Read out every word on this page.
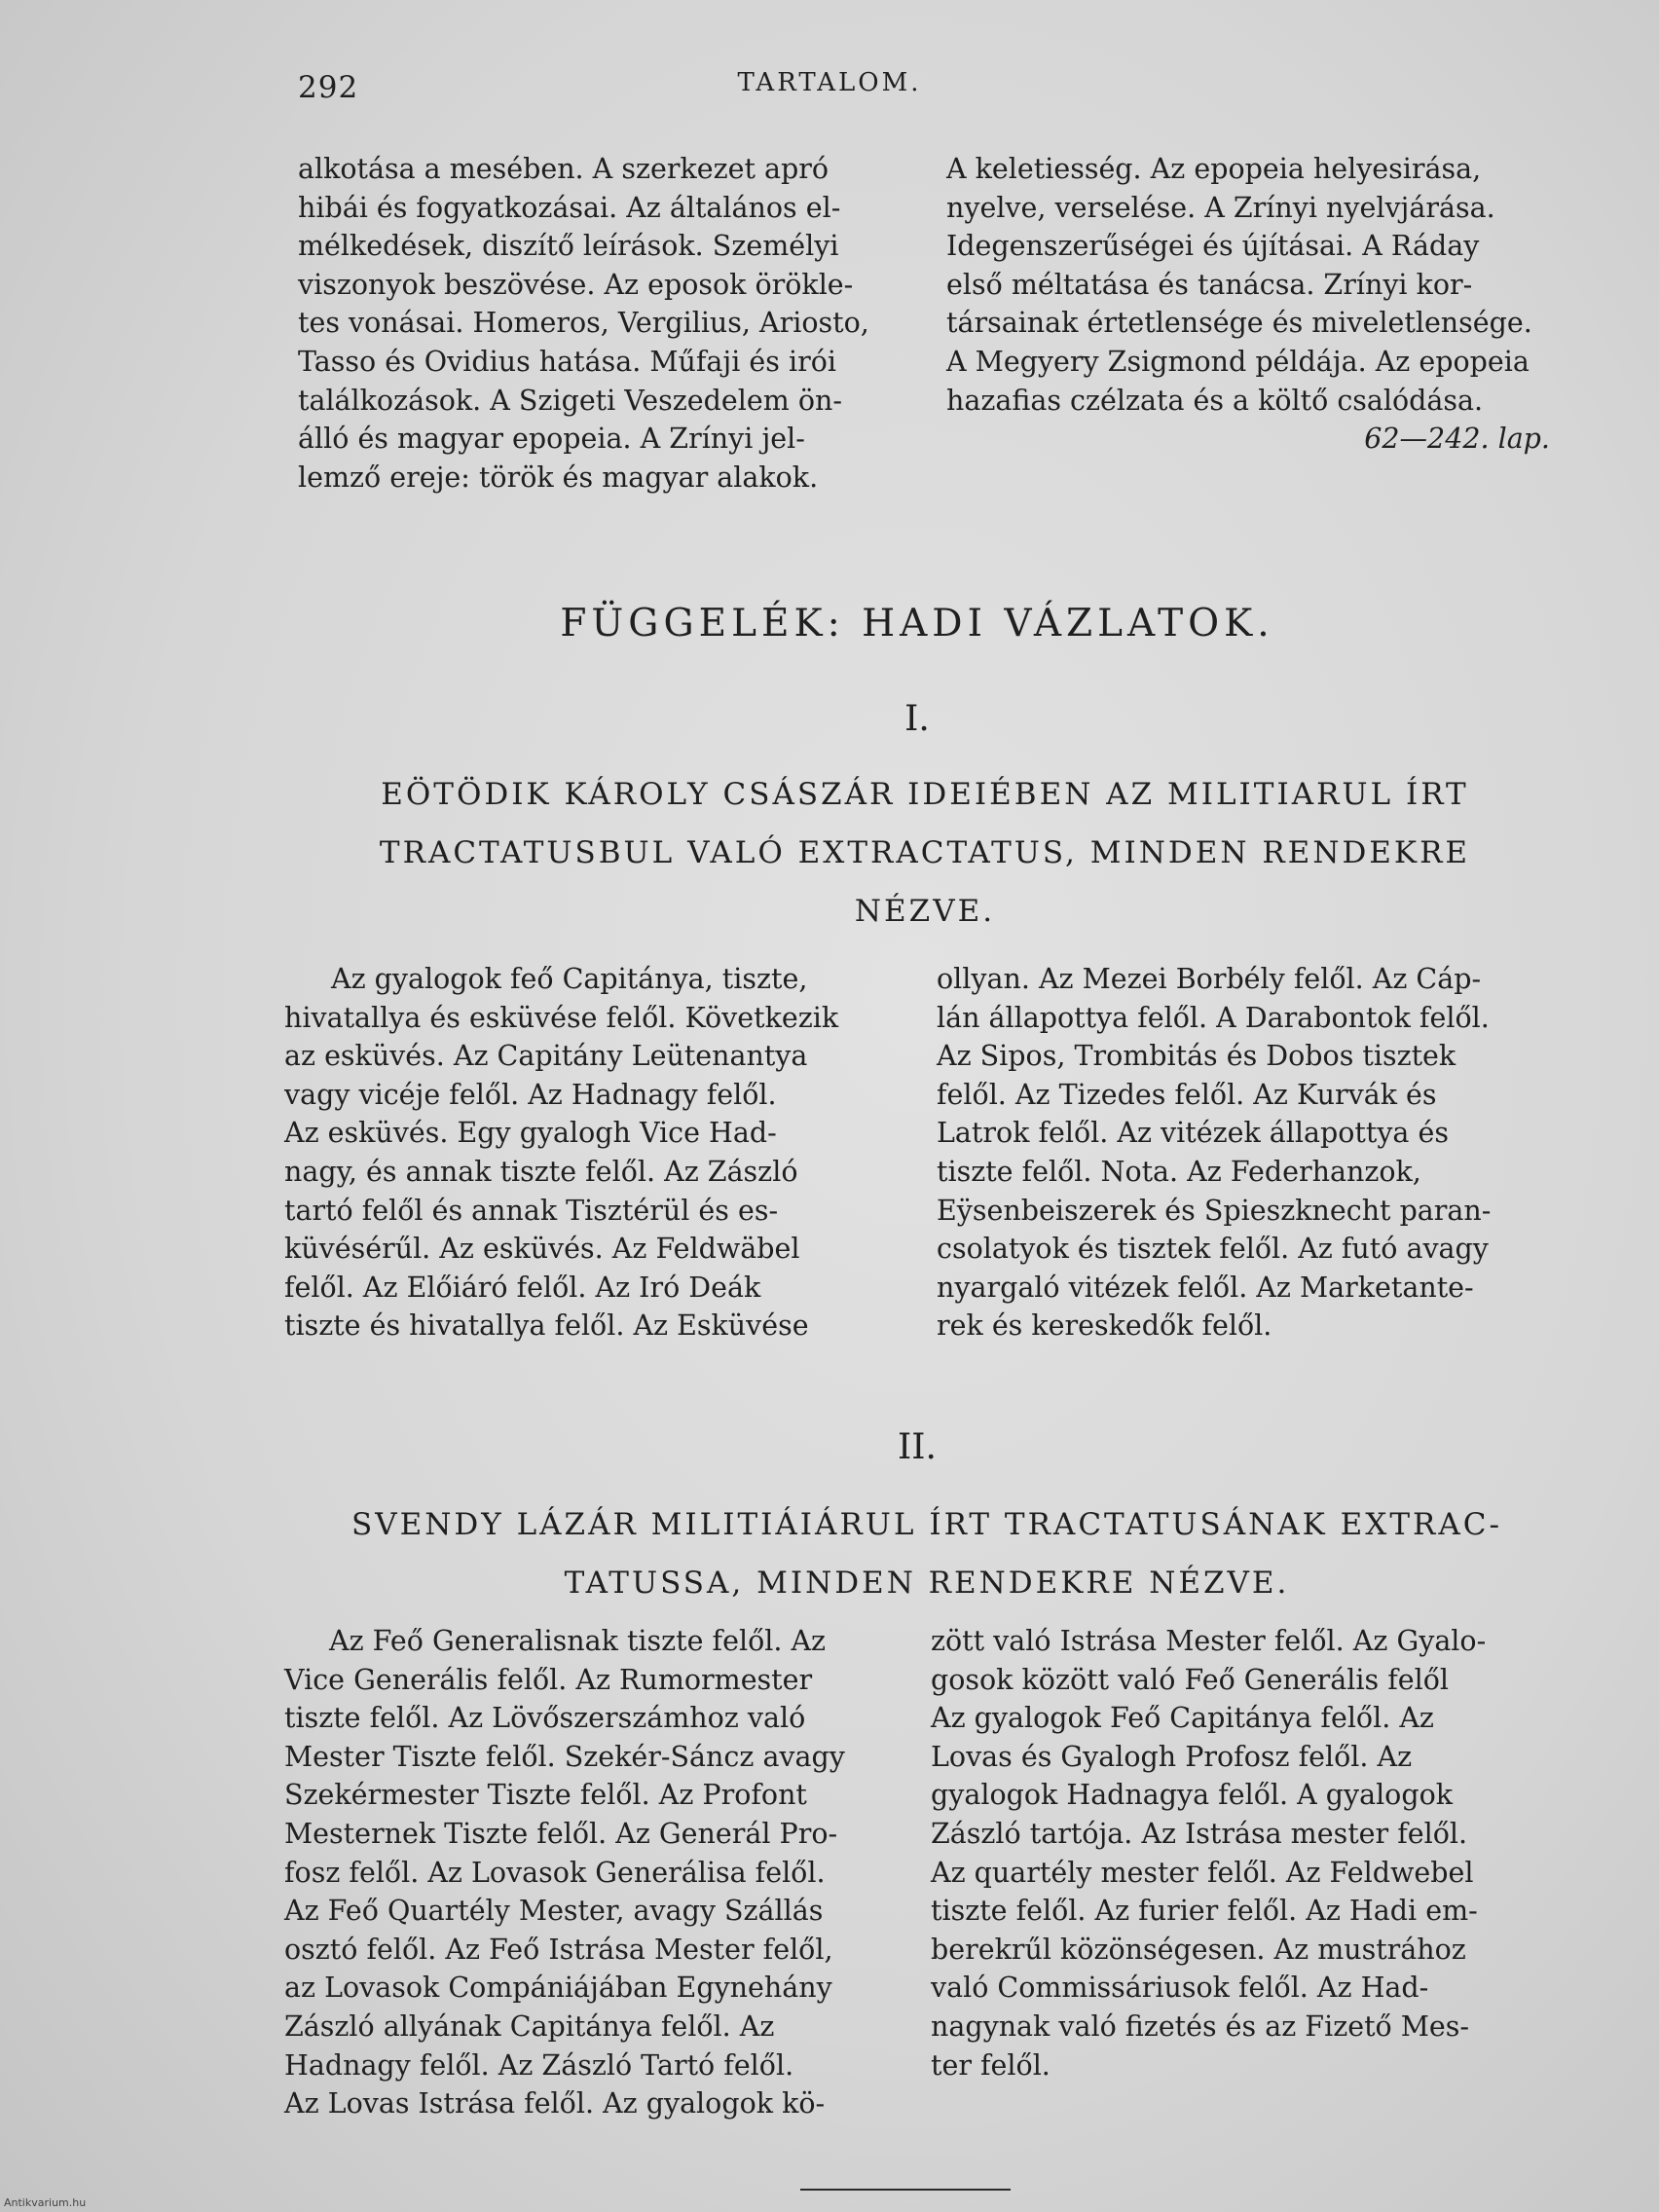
292	TARTALOM.
alkotása a mesében. A szerkezet apró
hibái és fogyatkozásai. Az általános el-
mélkedések, diszítő leírások. Személyi
viszonyok beszövése. Az eposok örökle-
tes vonásai. Homeros, Vergilius, Ariosto,
Tasso és Ovidius hatása. Műfaji és irói
találkozások. A Szigeti Veszedelem ön-
álló és magyar epopeia. A Zrínyi jel-
lemző ereje: török és magyar alakok.
A keletiesség. Az epopeia helyesirása,
nyelve, verselése. A Zrínyi nyelvjárása.
Idegenszerűségei és újításai. A Ráday
első méltatása és tanácsa. Zrínyi kor-
társainak értetlensége és miveletlensége.
A Megyery Zsigmond példája. Az epopeia
hazafias czélzata és a költő csalódása.
62—242. lap.
FÜGGELÉK: HADI VÁZLATOK.
I.
EÖTÖDIK KÁROLY CSÁSZÁR IDEIÉBEN AZ MILITIARUL ÍRT
TRACTATUSBUL VALÓ EXTRACTATUS, MINDEN RENDEKRE
NÉZVE.
Az gyalogok feő Capitánya, tiszte,
hivatallya és esküvése felől. Következik
az esküvés. Az Capitány Leütenantya
vagy vicéje felől. Az Hadnagy felől.
Az esküvés. Egy gyalogh Vice Had-
nagy, és annak tiszte felől. Az Zászló
tartó felől és annak Tisztérül és es-
küvésérűl. Az esküvés. Az Feldwäbel
felől. Az Előiáró felől. Az Iró Deák
tiszte és hivatallya felől. Az Esküvése
ollyan. Az Mezei Borbély felől. Az Cáp-
lán állapottya felől. A Darabontok felől.
Az Sipos, Trombitás és Dobos tisztek
felől. Az Tizedes felől. Az Kurvák és
Latrok felől. Az vitézek állapottya és
tiszte felől. Nota. Az Federhanzok,
Eÿsenbeiszerek és Spieszknecht paran-
csolatyok és tisztek felől. Az futó avagy
nyargaló vitézek felől. Az Marketante-
rek és kereskedők felől.
II.
SVENDY LÁZÁR MILITIÁIÁRUL ÍRT TRACTATUSÁNAK EXTRAC-
TATUSSA, MINDEN RENDEKRE NÉZVE.
Az Feő Generalisnak tiszte felől. Az
Vice Generális felől. Az Rumormester
tiszte felől. Az Lövőszerszámhoz való
Mester Tiszte felől. Szekér-Sáncz avagy
Szekérmester Tiszte felől. Az Profont
Mesternek Tiszte felől. Az Generál Pro-
fosz felől. Az Lovasok Generálisa felől.
Az Feő Quartély Mester, avagy Szállás
osztó felől. Az Feő Istrása Mester felől,
az Lovasok Compániájában Egynehány
Zászló allyának Capitánya felől. Az
Hadnagy felől. Az Zászló Tartó felől.
Az Lovas Istrása felől. Az gyalogok kö-
zött való Istrása Mester felől. Az Gyalo-
gosok között való Feő Generális felől
Az gyalogok Feő Capitánya felől. Az
Lovas és Gyalogh Profosz felől. Az
gyalogok Hadnagya felől. A gyalogok
Zászló tartója. Az Istrása mester felől.
Az quartély mester felől. Az Feldwebel
tiszte felől. Az furier felől. Az Hadi em-
berekrűl közönségesen. Az mustrához
való Commissáriusok felől. Az Had-
nagynak való fizetés és az Fizető Mes-
ter felől.
Antikvarium.hu
